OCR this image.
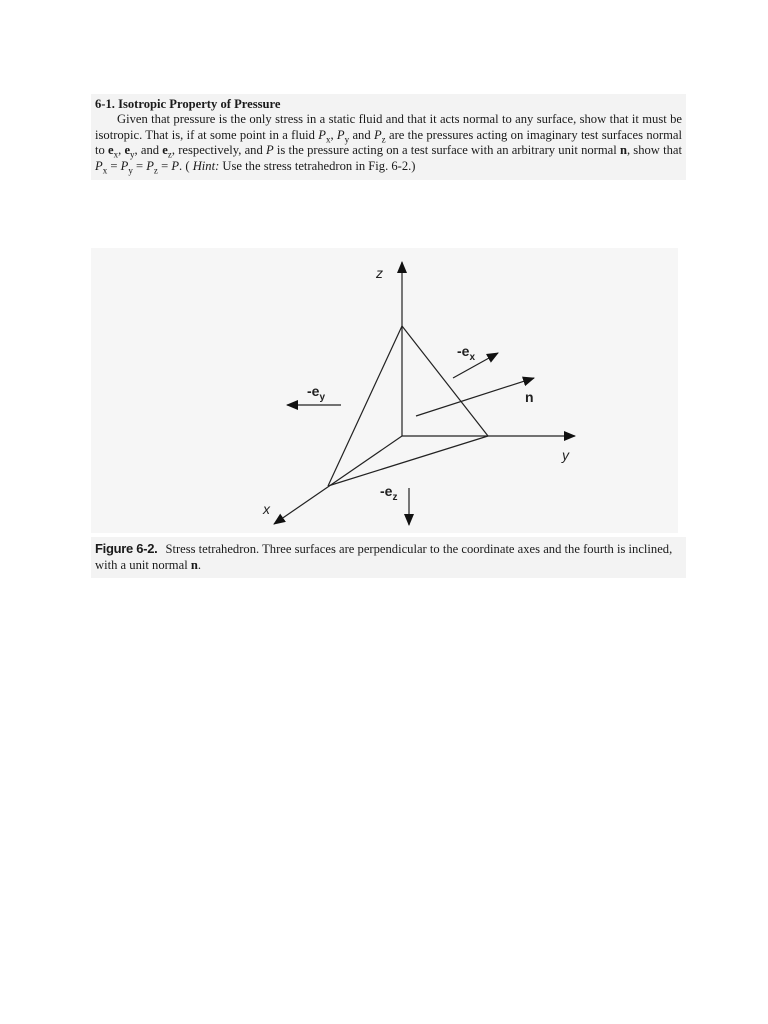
6-1. Isotropic Property of Pressure

Given that pressure is the only stress in a static fluid and that it acts normal to any surface, show that it must be isotropic. That is, if at some point in a fluid $P_x$, $P_y$ and $P_z$ are the pressures acting on imaginary test surfaces normal to $e_x$, $e_y$, and $e_z$, respectively, and P is the pressure acting on a test surface with an arbitrary unit normal n, show that $P_x = P_y = P_z = P$. ( Hint: Use the stress tetrahedron in Fig. 6-2.)

z
y
x
$-e_x$
$-e_y$
$-e_z$
n
Figure 6-2. Stress tetrahedron. Three surfaces are perpendicular to the coordinate axes and the fourth is inclined, with a unit normal n.
